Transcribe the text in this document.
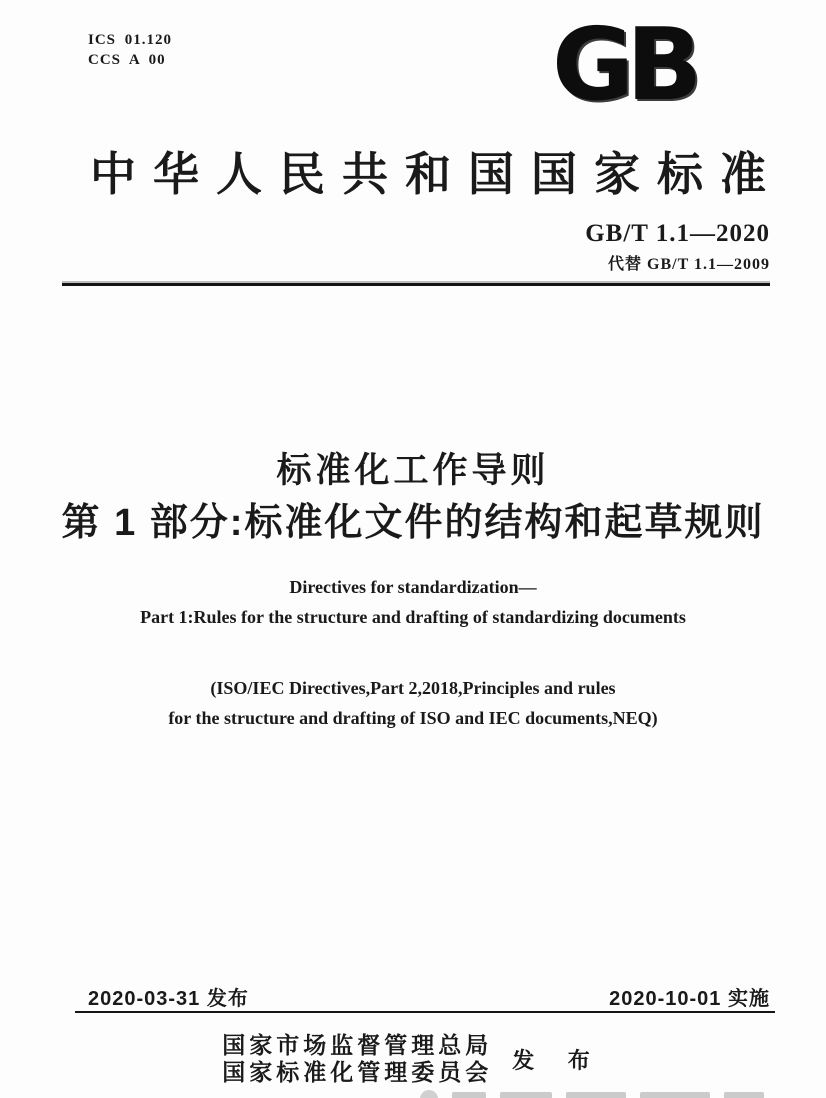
ICS 01.120
CCS A 00	GB
中华人民共和国国家标准
GB/T 1.1—2020
代替 GB/T 1.1—2009
标准化工作导则
第 1 部分:标准化文件的结构和起草规则
Directives for standardization—
Part 1:Rules for the structure and drafting of standardizing documents
(ISO/IEC Directives,Part 2,2018,Principles and rules
for the structure and drafting of ISO and IEC documents,NEQ)
2020-03-31 发布	2020-10-01 实施
国家市场监督管理总局
国家标准化管理委员会 发 布
